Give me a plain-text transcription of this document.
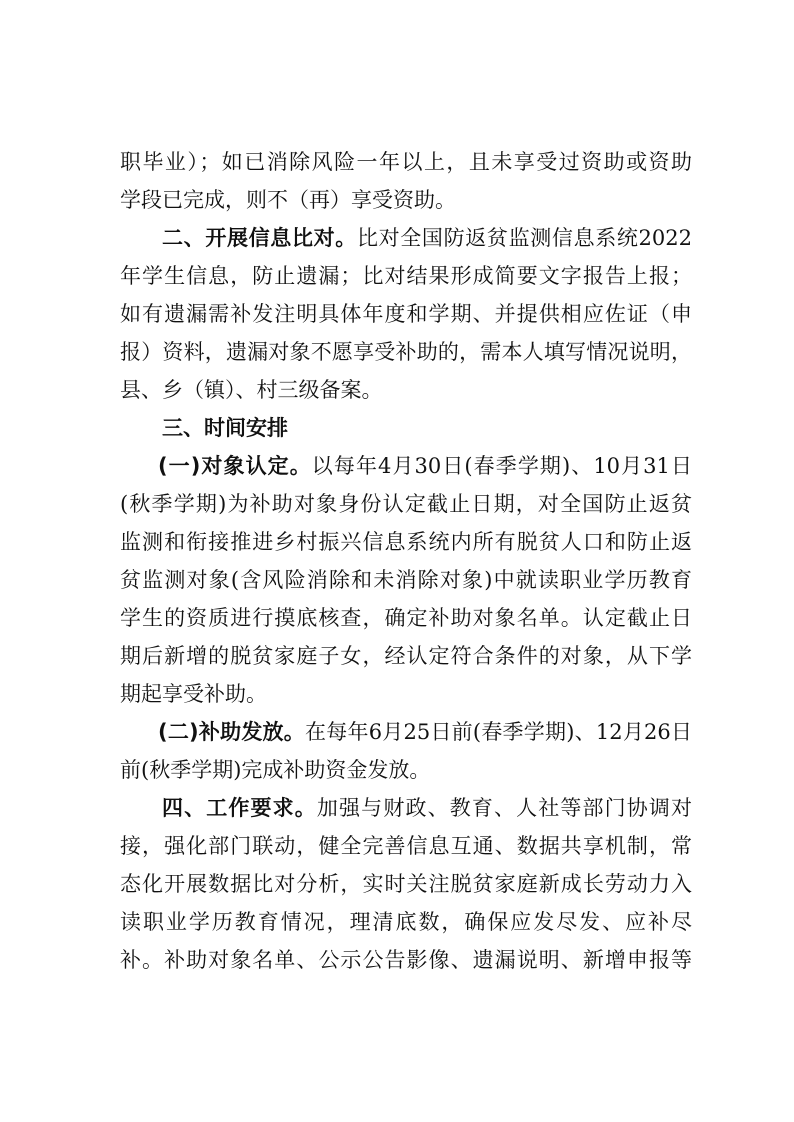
职毕业）；如已消除风险一年以上，且未享受过资助或资助
学段已完成，则不（再）享受资助。
二、开展信息比对。比对全国防返贫监测信息系统2022
年学生信息，防止遗漏；比对结果形成简要文字报告上报；
如有遗漏需补发注明具体年度和学期、并提供相应佐证（申
报）资料，遗漏对象不愿享受补助的，需本人填写情况说明，
县、乡（镇）、村三级备案。
三、时间安排
(一)对象认定。以每年4月30日(春季学期)、10月31日
(秋季学期)为补助对象身份认定截止日期，对全国防止返贫
监测和衔接推进乡村振兴信息系统内所有脱贫人口和防止返
贫监测对象(含风险消除和未消除对象)中就读职业学历教育
学生的资质进行摸底核查，确定补助对象名单。认定截止日
期后新增的脱贫家庭子女，经认定符合条件的对象，从下学
期起享受补助。
(二)补助发放。在每年6月25日前(春季学期)、12月26日
前(秋季学期)完成补助资金发放。
四、工作要求。加强与财政、教育、人社等部门协调对
接，强化部门联动，健全完善信息互通、数据共享机制，常
态化开展数据比对分析，实时关注脱贫家庭新成长劳动力入
读职业学历教育情况，理清底数，确保应发尽发、应补尽
补。补助对象名单、公示公告影像、遗漏说明、新增申报等
